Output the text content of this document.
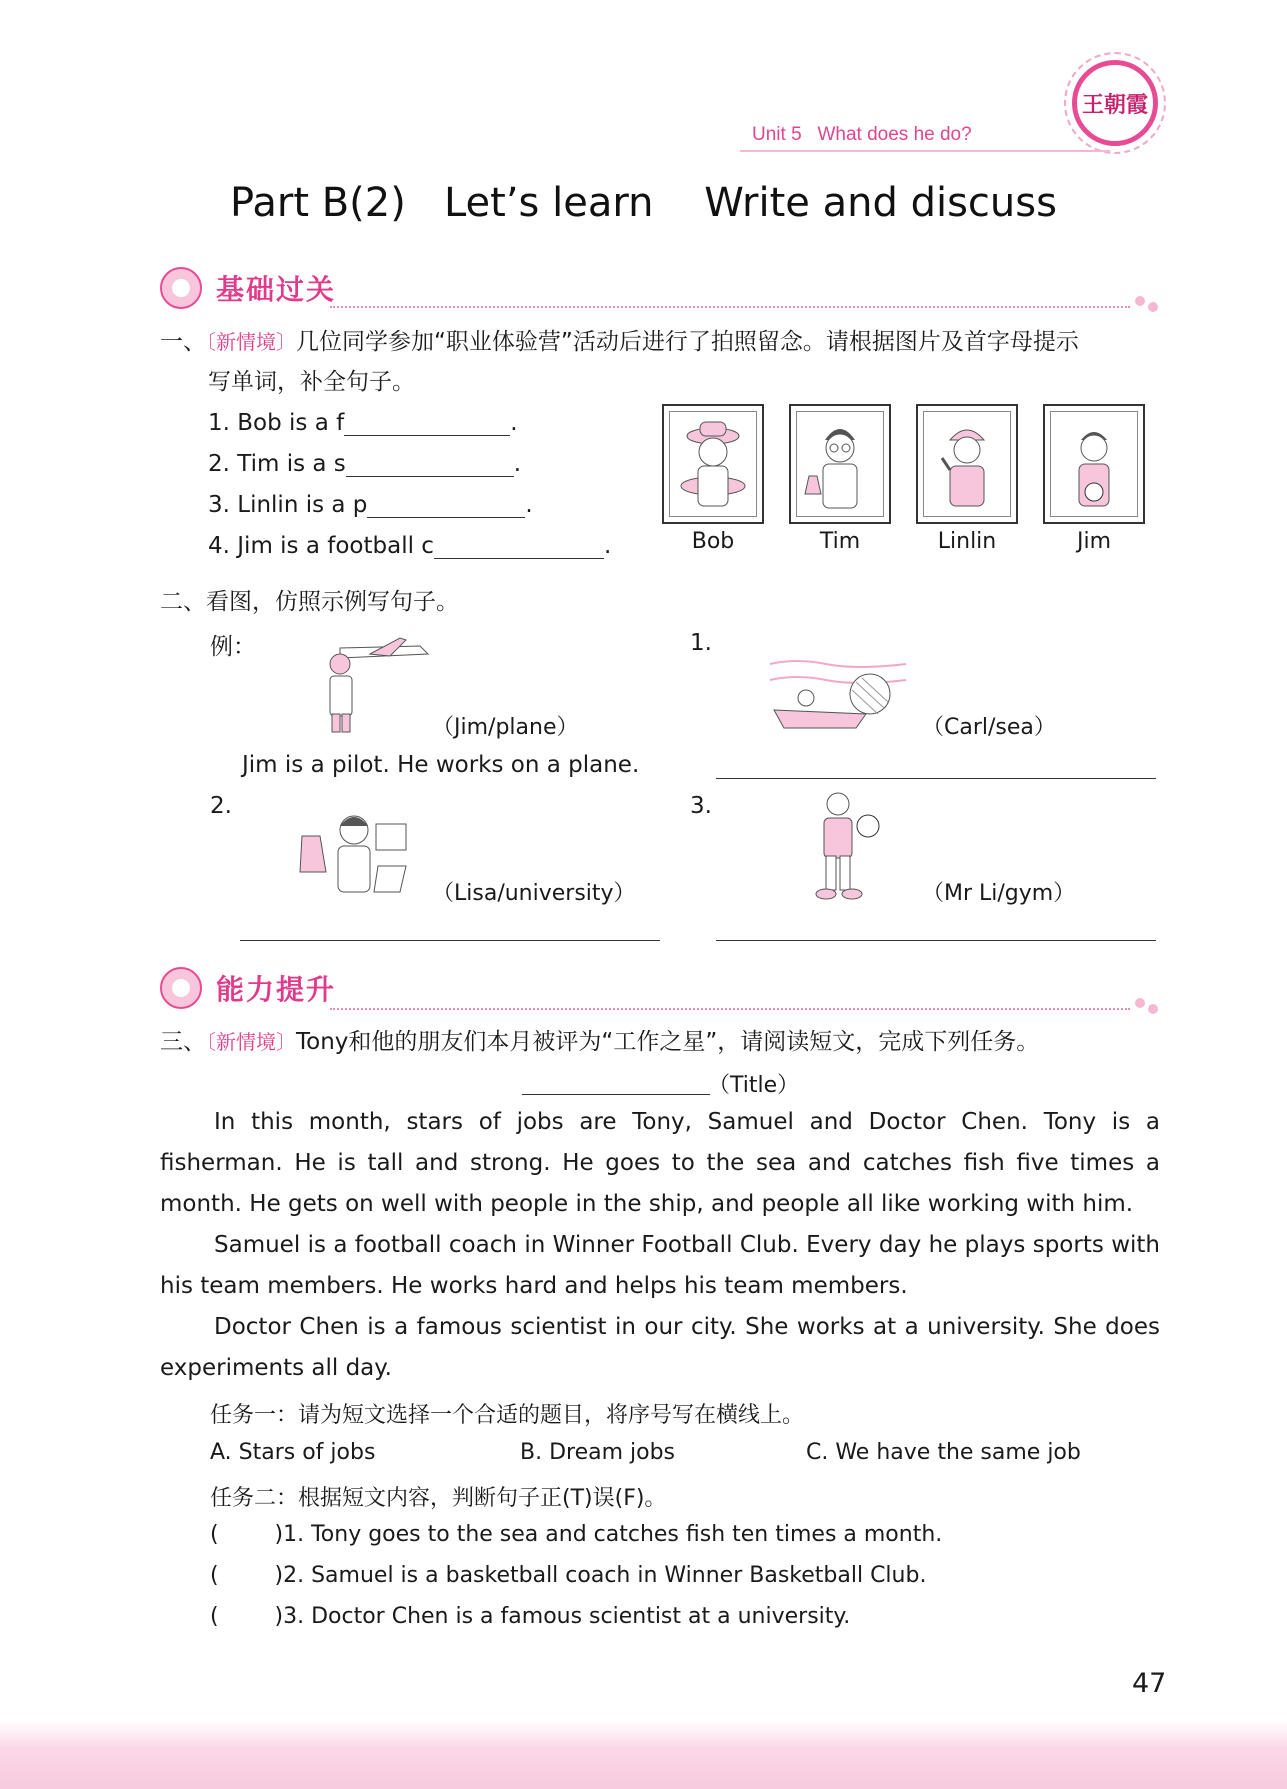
王朝霞
Unit 5   What does he do?
Part B(2)   Let’s learn    Write and discuss
基础过关
一、〔新情境〕几位同学参加“职业体验营”活动后进行了拍照留念。请根据图片及首字母提示
写单词，补全句子。
1. Bob is a f	.
2. Tim is a s	.
3. Linlin is a p	.
4. Jim is a football c	.	Bob	Tim	Linlin	Jim
二、看图，仿照示例写句子。
例：
（Jim/plane）
Jim is a pilot. He works on a plane.
1.
（Carl/sea）
2.
（Lisa/university）
3.
（Mr Li/gym）
能力提升
三、〔新情境〕Tony和他的朋友们本月被评为“工作之星”，请阅读短文，完成下列任务。
（Title）
In this month, stars of jobs are Tony, Samuel and Doctor Chen. Tony is a fisherman. He is tall and strong. He goes to the sea and catches fish five times a month. He gets on well with people in the ship, and people all like working with him.
Samuel is a football coach in Winner Football Club. Every day he plays sports with his team members. He works hard and helps his team members.
Doctor Chen is a famous scientist in our city. She works at a university. She does experiments all day.
任务一：请为短文选择一个合适的题目，将序号写在横线上。
A. Stars of jobs	B. Dream jobs	C. We have the same job
任务二：根据短文内容，判断句子正(T)误(F)。
(        )1. Tony goes to the sea and catches fish ten times a month.
(        )2. Samuel is a basketball coach in Winner Basketball Club.
(        )3. Doctor Chen is a famous scientist at a university.
47
